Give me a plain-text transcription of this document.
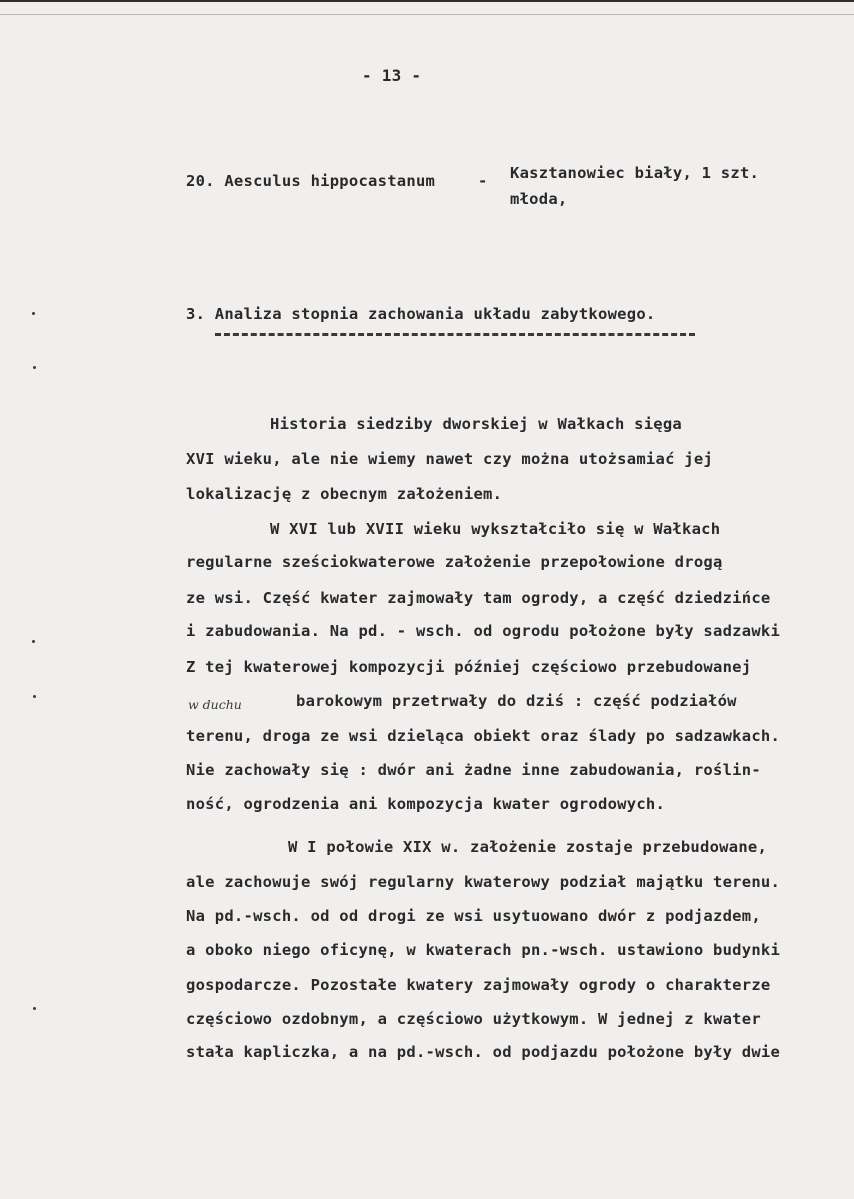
- 13 -
20. Aesculus hippocastanum	- Kasztanowiec biały, 1 szt.
młoda,
3. Analiza stopnia zachowania układu zabytkowego.
w duchu
Historia siedziby dworskiej w Wałkach sięga
XVI wieku, ale nie wiemy nawet czy można utożsamiać jej
lokalizację z obecnym założeniem.
W XVI lub XVII wieku wykształciło się w Wałkach
regularne sześciokwaterowe założenie przepołowione drogą
ze wsi. Część kwater zajmowały tam ogrody, a część dziedzińce
i zabudowania. Na pd. - wsch. od ogrodu położone były sadzawki
Z tej kwaterowej kompozycji później częściowo przebudowanej
barokowym przetrwały do dziś : część podziałów
terenu, droga ze wsi dzieląca obiekt oraz ślady po sadzawkach.
Nie zachowały się : dwór ani żadne inne zabudowania, roślin-
ność, ogrodzenia ani kompozycja kwater ogrodowych.
W I połowie XIX w. założenie zostaje przebudowane,
ale zachowuje swój regularny kwaterowy podział majątku terenu.
Na pd.-wsch. od od drogi ze wsi usytuowano dwór z podjazdem,
a oboko niego oficynę, w kwaterach pn.-wsch. ustawiono budynki
gospodarcze. Pozostałe kwatery zajmowały ogrody o charakterze
częściowo ozdobnym, a częściowo użytkowym. W jednej z kwater
stała kapliczka, a na pd.-wsch. od podjazdu położone były dwie
